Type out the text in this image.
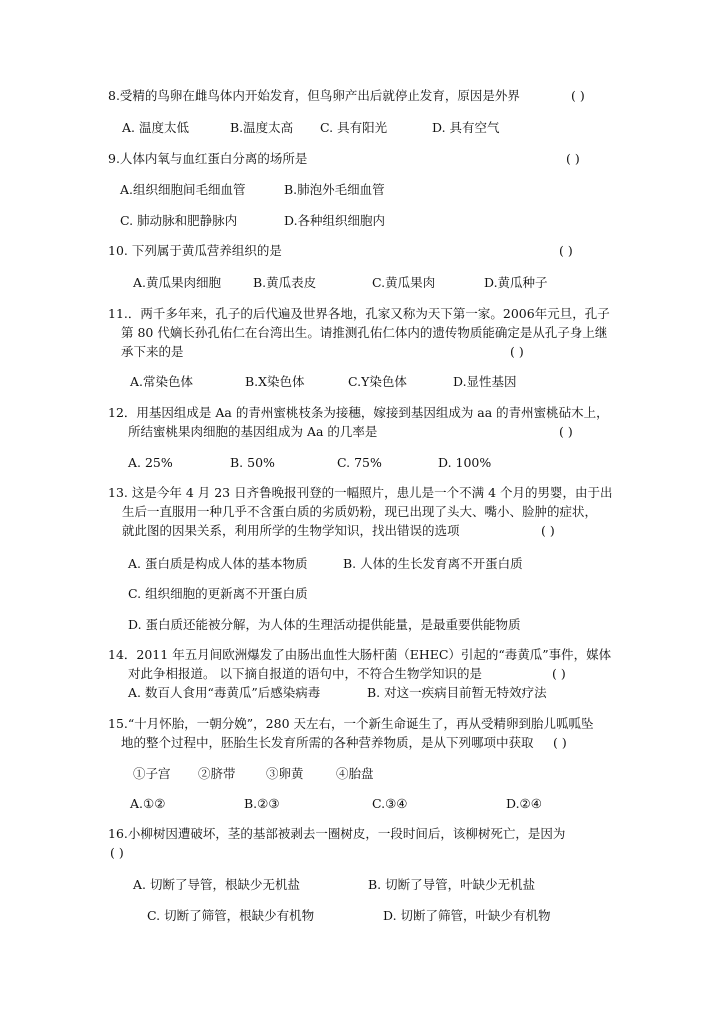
8.受精的鸟卵在雌鸟体内开始发育，但鸟卵产出后就停止发育，原因是外界	( )
A. 温度太低	B.温度太高 C. 具有阳光	D. 具有空气
9.人体内氧与血红蛋白分离的场所是	( )
A.组织细胞间毛细血管	B.肺泡外毛细血管
C. 肺动脉和肥静脉内	D.各种组织细胞内
10. 下列属于黄瓜营养组织的是	( )
A.黄瓜果肉细胞	B.黄瓜表皮	C.黄瓜果肉	D.黄瓜种子
11.．两千多年来，孔子的后代遍及世界各地，孔家又称为天下第一家。2006年元旦，孔子
第 80 代嫡长孙孔佑仁在台湾出生。请推测孔佑仁体内的遗传物质能确定是从孔子身上继
承下来的是	( )
A.常染色体	B.X染色体	C.Y染色体	D.显性基因
12．用基因组成是 Aa 的青州蜜桃枝条为接穗，嫁接到基因组成为 aa 的青州蜜桃砧木上，
所结蜜桃果肉细胞的基因组成为 Aa 的几率是	( )
A. 25%	B. 50%	C. 75%	D. 100%
13. 这是今年 4 月 23 日齐鲁晚报刊登的一幅照片，患儿是一个不满 4 个月的男婴，由于出
生后一直服用一种几乎不含蛋白质的劣质奶粉，现已出现了头大、嘴小、脸肿的症状，
就此图的因果关系，利用所学的生物学知识，找出错误的选项	( )
A. 蛋白质是构成人体的基本物质	B. 人体的生长发育离不开蛋白质
C. 组织细胞的更新离不开蛋白质
D. 蛋白质还能被分解，为人体的生理活动提供能量，是最重要供能物质
14．2011 年五月间欧洲爆发了由肠出血性大肠杆菌（EHEC）引起的“毒黄瓜”事件，媒体
对此争相报道。 以下摘自报道的语句中，不符合生物学知识的是	( )
A. 数百人食用“毒黄瓜”后感染病毒	B. 对这一疾病目前暂无特效疗法
15.“十月怀胎，一朝分娩”，280 天左右，一个新生命诞生了，再从受精卵到胎儿呱呱坠
地的整个过程中，胚胎生长发育所需的各种营养物质，是从下列哪项中获取 ( )
①子宫 ②脐带 ③卵黄	④胎盘
A.①②	B.②③	C.③④	D.②④
16.小柳树因遭破坏，茎的基部被剥去一圈树皮，一段时间后，该柳树死亡，是因为
( )
A. 切断了导管，根缺少无机盐	B. 切断了导管，叶缺少无机盐
C. 切断了筛管，根缺少有机物	D. 切断了筛管，叶缺少有机物
